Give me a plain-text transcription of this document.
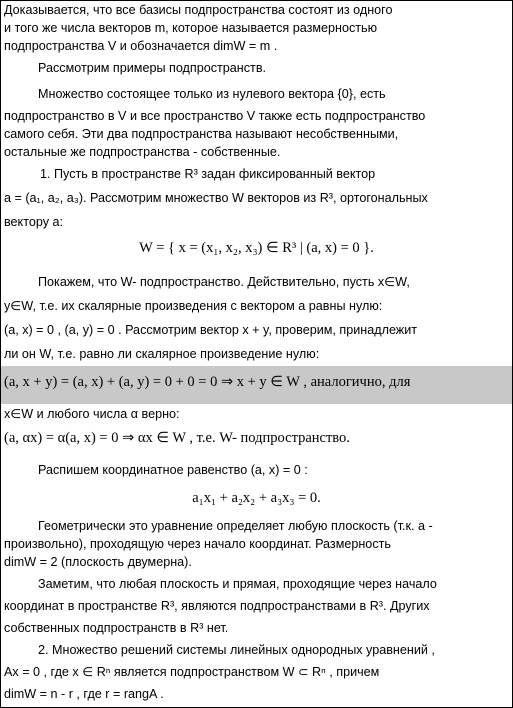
Доказывается, что все базисы подпространства состоят из одного
и того же числа векторов m, которое называется размерностью
подпространства V и обозначается dimW = m .
Рассмотрим примеры подпространств.
Множество состоящее только из нулевого вектора {0}, есть
подпространство в V и все пространство V также есть подпространство
самого себя. Эти два подпространства называют несобственными,
остальные же подпространства - собственные.
1. Пусть в пространстве R³ задан фиксированный вектор
a = (a₁, a₂, a₃). Рассмотрим множество W векторов из R³, ортогональных
вектору a:
W = { x = (x₁, x₂, x₃) ∈ R³ | (a, x) = 0 }.
Покажем, что W- подпространство. Действительно, пусть x∈W,
y∈W, т.е. их скалярные произведения с вектором a равны нулю:
(a, x) = 0 , (a, y) = 0 . Рассмотрим вектор x + y, проверим, принадлежит
ли он W, т.е. равно ли скалярное произведение нулю:
(a, x + y) = (a, x) + (a, y) = 0 + 0 = 0 ⇒ x + y ∈ W , аналогично, для
x∈W и любого числа α верно:
(a, αx) = α(a, x) = 0 ⇒ αx ∈ W , т.е. W- подпространство.
Распишем координатное равенство (a, x) = 0 :
a₁x₁ + a₂x₂ + a₃x₃ = 0.
Геометрически это уравнение определяет любую плоскость (т.к. a -
произвольно), проходящую через начало координат. Размерность
dimW = 2 (плоскость двумерна).
Заметим, что любая плоскость и прямая, проходящие через начало
координат в пространстве R³, являются подпространствами в R³. Других
собственных подпространств в R³ нет.
2. Множество решений системы линейных однородных уравнений ,
Ax = 0 , где x ∈ Rⁿ является подпространством W ⊂ Rⁿ , причем
dimW = n - r , где r = rangA .
